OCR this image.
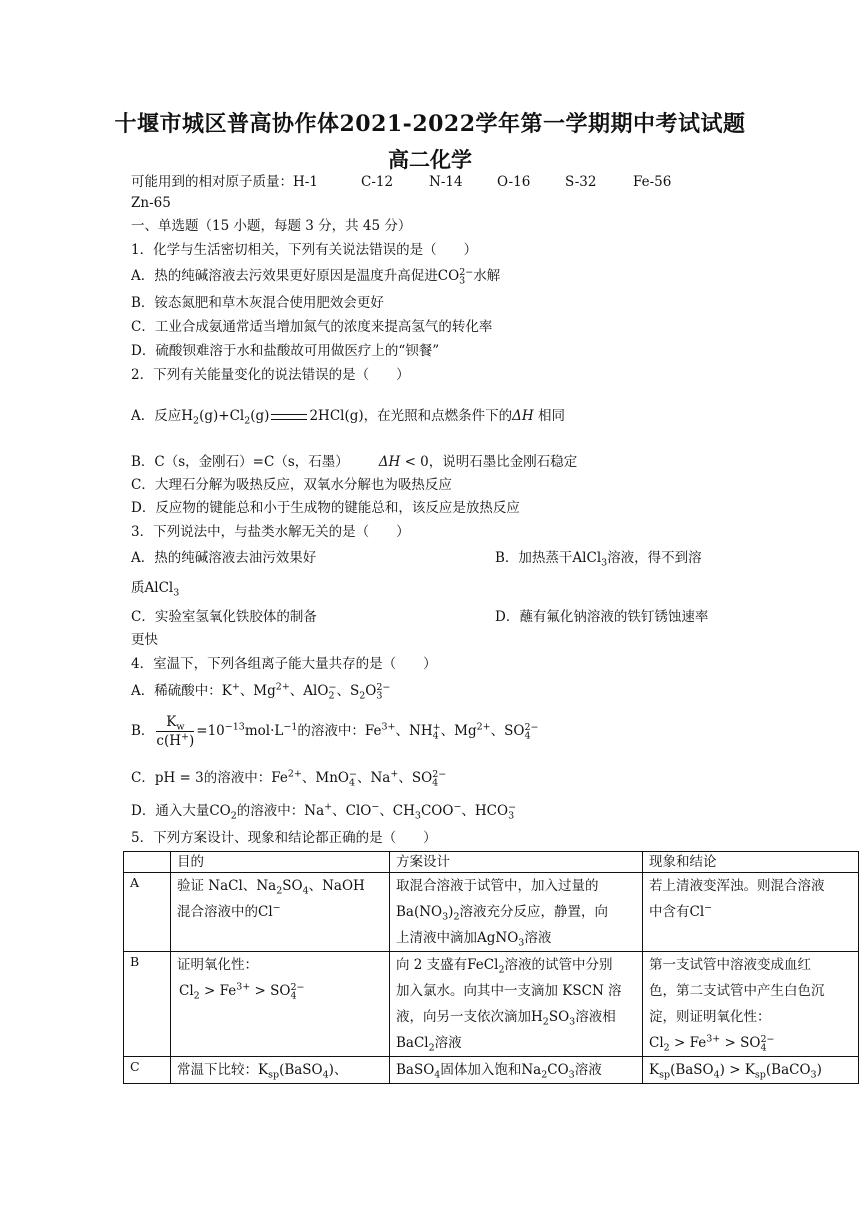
十堰市城区普高协作体2021-2022学年第一学期期中考试试题
高二化学
可能用到的相对原子质量：H-1	C-12	N-14	O-16	S-32	Fe-56
Zn-65
一、单选题（15 小题，每题 3 分，共 45 分）
1．化学与生活密切相关，下列有关说法错误的是（　　）
A．热的纯碱溶液去污效果更好原因是温度升高促进$CO_3^{2-}$水解
B．铵态氮肥和草木灰混合使用肥效会更好
C．工业合成氨通常适当增加氮气的浓度来提高氢气的转化率
D．硫酸钡难溶于水和盐酸故可用做医疗上的“钡餐”
2．下列有关能量变化的说法错误的是（　　）
A．反应$H_2(g)+Cl_2(g)$	2HCl(g)，在光照和点燃条件下的ΔH 相同
B．C（s，金刚石）=C（s，石墨） ΔH < 0，说明石墨比金刚石稳定
C．大理石分解为吸热反应，双氧水分解也为吸热反应
D．反应物的键能总和小于生成物的键能总和，该反应是放热反应
3．下列说法中，与盐类水解无关的是（　　）
A．热的纯碱溶液去油污效果好	B．加热蒸干AlCl$_3$溶液，得不到溶
质AlCl$_3$
C．实验室氢氧化铁胶体的制备	D．蘸有氟化钠溶液的铁钉锈蚀速率
更快
4．室温下，下列各组离子能大量共存的是（　　）
A．稀硫酸中：K+、$Mg^{2+}$、AlO$_2$−、$S_2O_3^{2-}$
B． $\frac{K_w}{c(H^+)} =10^{-13}mol\cdot L^{-1}$的溶液中：$Fe^{3+}$、$NH_4^+$、$Mg^{2+}$、$SO_4^{2-}$
C．pH = 3的溶液中：$Fe^{2+}$、MnO$_4$−、Na+、$SO_4^{2-}$
D．通入大量$CO_2$的溶液中：Na+、ClO−、$CH_3COO^-$、$HCO_3^-$
5．下列方案设计、现象和结论都正确的是（　　）
	目的	方案设计	现象和结论
A	验证 NaCl、$Na_2SO_4$、NaOH
混合溶液中的Cl−	取混合溶液于试管中，加入过量的
$Ba(NO_3)_2$溶液充分反应，静置，向
上清液中滴加AgNO$_3$溶液	若上清液变浑浊。则混合溶液
中含有Cl−
B	证明氧化性：
$Cl_2 > Fe^{3+} > SO_4^{2-}$	向 2 支盛有FeCl$_2$溶液的试管中分别
加入氯水。向其中一支滴加 KSCN 溶
液，向另一支依次滴加$H_2SO_3$溶液相
BaCl$_2$溶液	第一支试管中溶液变成血红
色，第二支试管中产生白色沉
淀，则证明氧化性：
$Cl_2 > Fe^{3+} > SO_4^{2-}$
C	常温下比较：$K_{sp}(BaSO_4)$、	BaSO$_4$固体加入饱和$Na_2CO_3$溶液	$K_{sp}(BaSO_4)$ > $K_{sp}(BaCO_3)$
